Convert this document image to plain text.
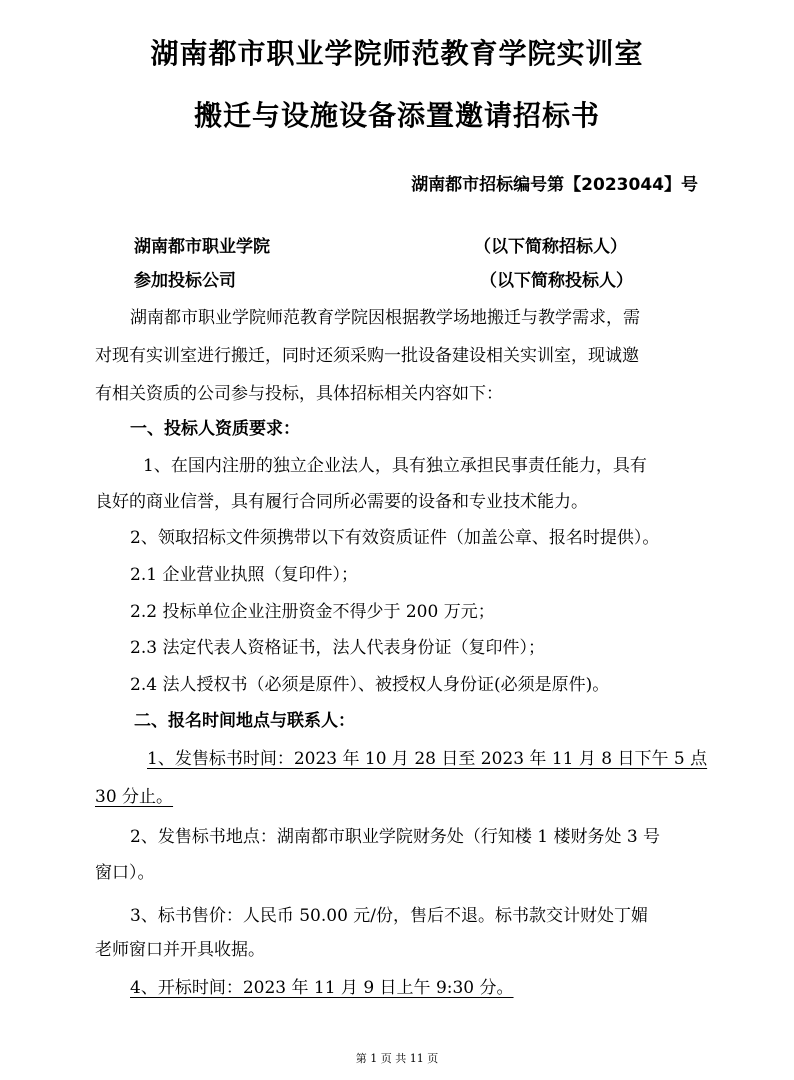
湖南都市职业学院师范教育学院实训室
搬迁与设施设备添置邀请招标书
湖南都市招标编号第【2023044】号
湖南都市职业学院	（以下简称招标人）
参加投标公司	（以下简称投标人）
湖南都市职业学院师范教育学院因根据教学场地搬迁与教学需求，需
对现有实训室进行搬迁，同时还须采购一批设备建设相关实训室，现诚邀
有相关资质的公司参与投标，具体招标相关内容如下：
一、投标人资质要求：
1、在国内注册的独立企业法人，具有独立承担民事责任能力，具有
良好的商业信誉，具有履行合同所必需要的设备和专业技术能力。
2、领取招标文件须携带以下有效资质证件（加盖公章、报名时提供）。
2.1 企业营业执照（复印件）；
2.2 投标单位企业注册资金不得少于 200 万元；
2.3 法定代表人资格证书，法人代表身份证（复印件）；
2.4 法人授权书（必须是原件）、被授权人身份证(必须是原件)。
二、报名时间地点与联系人：
1、发售标书时间：2023 年 10 月 28 日至 2023 年 11 月 8 日下午 5 点
30 分止。
2、发售标书地点：湖南都市职业学院财务处（行知楼 1 楼财务处 3 号
窗口）。
3、标书售价：人民币 50.00 元/份，售后不退。标书款交计财处丁媚
老师窗口并开具收据。
4、开标时间：2023 年 11 月 9 日上午 9:30 分。
第 1 页 共 11 页
